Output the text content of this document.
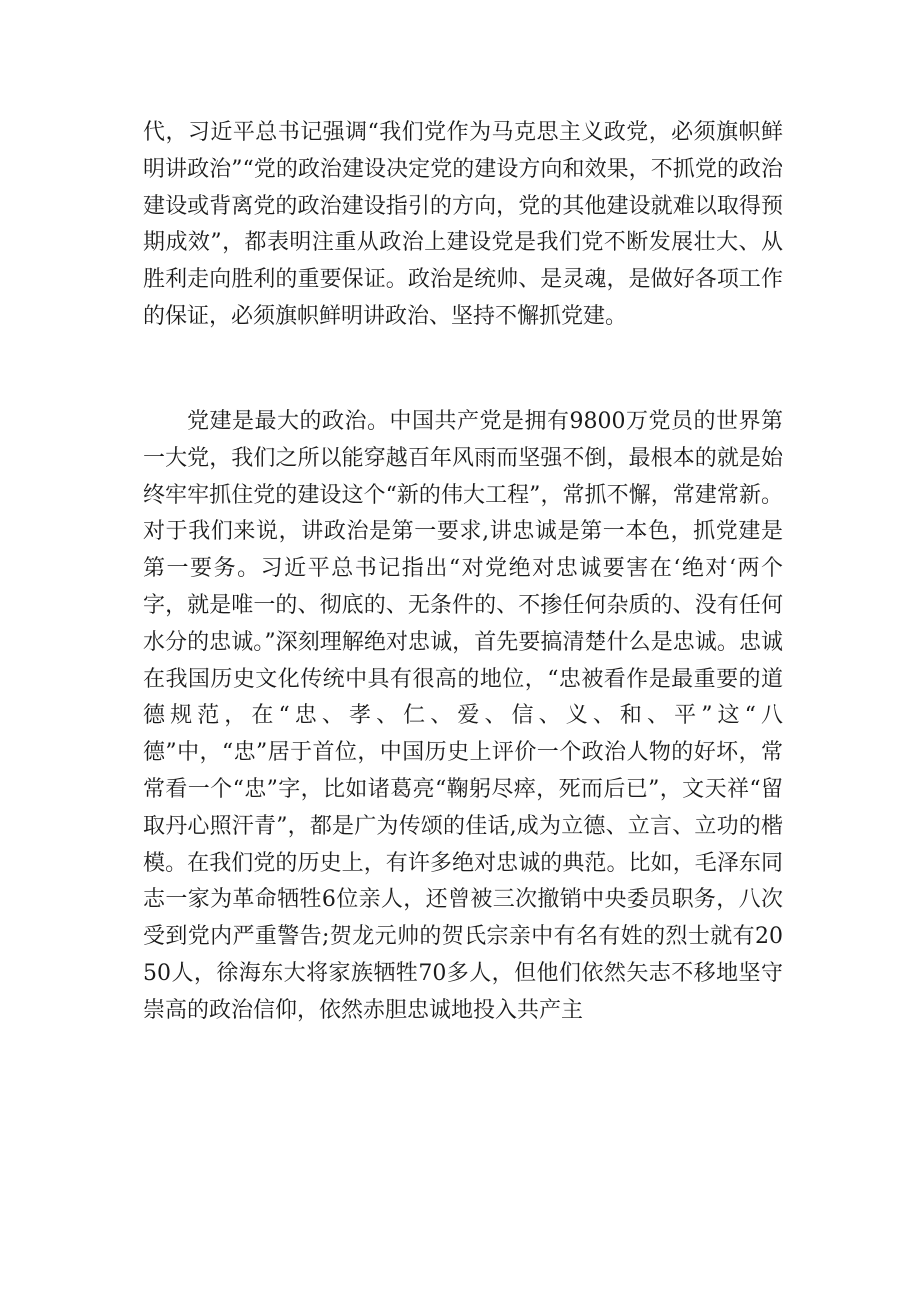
代，习近平总书记强调“我们党作为马克思主义政党，必须旗帜鲜明讲政治”“党的政治建设决定党的建设方向和效果，不抓党的政治建设或背离党的政治建设指引的方向，党的其他建设就难以取得预期成效”，都表明注重从政治上建设党是我们党不断发展壮大、从胜利走向胜利的重要保证。政治是统帅、是灵魂，是做好各项工作的保证，必须旗帜鲜明讲政治、坚持不懈抓党建。

党建是最大的政治。中国共产党是拥有9800万党员的世界第一大党，我们之所以能穿越百年风雨而坚强不倒，最根本的就是始终牢牢抓住党的建设这个“新的伟大工程”，常抓不懈，常建常新。对于我们来说，讲政治是第一要求,讲忠诚是第一本色，抓党建是第一要务。习近平总书记指出“对党绝对忠诚要害在‘绝对‘两个字，就是唯一的、彻底的、无条件的、不掺任何杂质的、没有任何水分的忠诚。”深刻理解绝对忠诚，首先要搞清楚什么是忠诚。忠诚在我国历史文化传统中具有很高的地位，“忠被看作是最重要的道德规范，在“忠、孝、仁、爱、信、义、和、平”这“八德”中，“忠”居于首位，中国历史上评价一个政治人物的好坏，常常看一个“忠”字，比如诸葛亮“鞠躬尽瘁，死而后已”，文天祥“留取丹心照汗青”，都是广为传颂的佳话,成为立德、立言、立功的楷模。在我们党的历史上，有许多绝对忠诚的典范。比如，毛泽东同志一家为革命牺牲6位亲人，还曾被三次撤销中央委员职务，八次受到党内严重警告;贺龙元帅的贺氏宗亲中有名有姓的烈士就有2050人，徐海东大将家族牺牲70多人，但他们依然矢志不移地坚守崇高的政治信仰，依然赤胆忠诚地投入共产主
